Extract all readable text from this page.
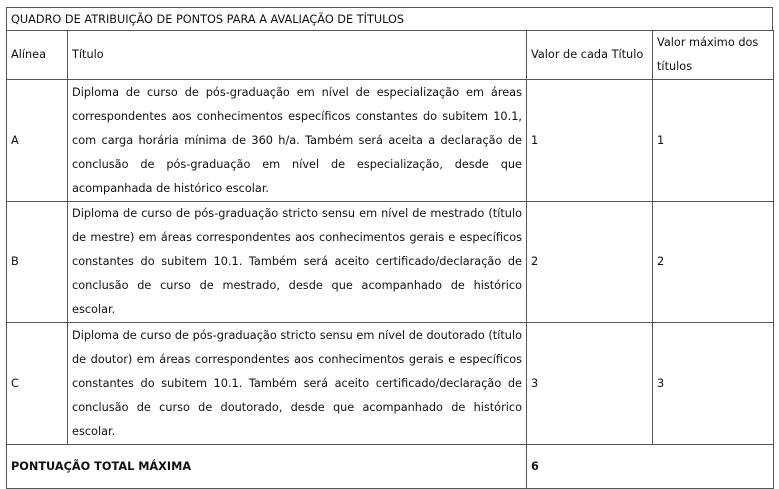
QUADRO DE ATRIBUIÇÃO DE PONTOS PARA A AVALIAÇÃO DE TÍTULOS
Alínea	Título	Valor de cada Título	Valor máximo dos títulos
A	Diploma de curso de pós-graduação em nível de especialização em áreas correspondentes aos conhecimentos específicos constantes do subitem 10.1, com carga horária mínima de 360 h/a. Também será aceita a declaração de conclusão de pós-graduação em nível de especialização, desde que acompanhada de histórico escolar.	1	1
B	Diploma de curso de pós-graduação stricto sensu em nível de mestrado (título de mestre) em áreas correspondentes aos conhecimentos gerais e específicos constantes do subitem 10.1. Também será aceito certificado/declaração de conclusão de curso de mestrado, desde que acompanhado de histórico escolar.	2	2
C	Diploma de curso de pós-graduação stricto sensu em nível de doutorado (título de doutor) em áreas correspondentes aos conhecimentos gerais e específicos constantes do subitem 10.1. Também será aceito certificado/declaração de conclusão de curso de doutorado, desde que acompanhado de histórico escolar.	3	3
PONTUAÇÃO TOTAL MÁXIMA		6	
